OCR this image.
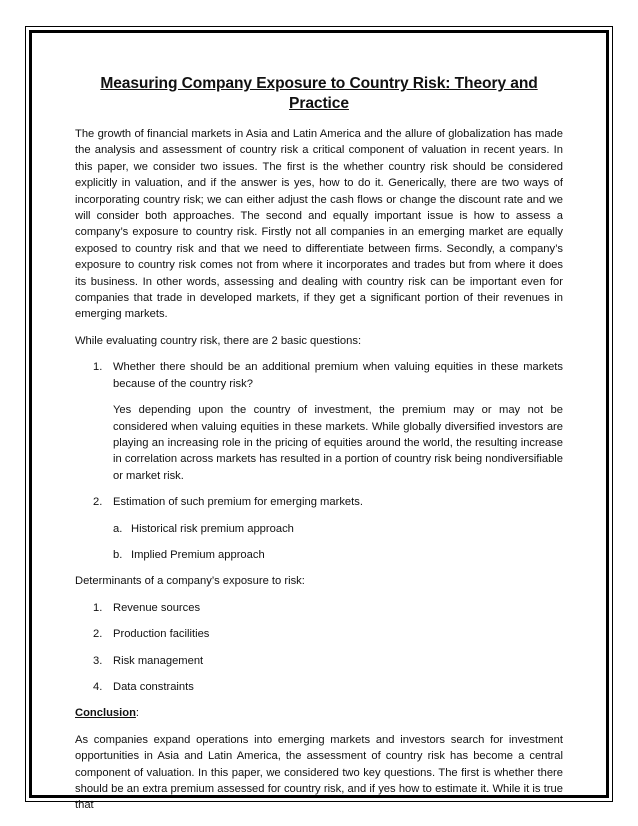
Measuring Company Exposure to Country Risk: Theory and Practice

The growth of financial markets in Asia and Latin America and the allure of globalization has made the analysis and assessment of country risk a critical component of valuation in recent years. In this paper, we consider two issues. The first is the whether country risk should be considered explicitly in valuation, and if the answer is yes, how to do it. Generically, there are two ways of incorporating country risk; we can either adjust the cash flows or change the discount rate and we will consider both approaches. The second and equally important issue is how to assess a company’s exposure to country risk. Firstly not all companies in an emerging market are equally exposed to country risk and that we need to differentiate between firms. Secondly, a company’s exposure to country risk comes not from where it incorporates and trades but from where it does its business. In other words, assessing and dealing with country risk can be important even for companies that trade in developed markets, if they get a significant portion of their revenues in emerging markets.

While evaluating country risk, there are 2 basic questions:

1. Whether there should be an additional premium when valuing equities in these markets because of the country risk?

Yes depending upon the country of investment, the premium may or may not be considered when valuing equities in these markets. While globally diversified investors are playing an increasing role in the pricing of equities around the world, the resulting increase in correlation across markets has resulted in a portion of country risk being nondiversifiable or market risk.

2. Estimation of such premium for emerging markets.

a. Historical risk premium approach

b. Implied Premium approach

Determinants of a company’s exposure to risk:

1. Revenue sources

2. Production facilities

3. Risk management

4. Data constraints

Conclusion:

As companies expand operations into emerging markets and investors search for investment opportunities in Asia and Latin America, the assessment of country risk has become a central component of valuation. In this paper, we considered two key questions. The first is whether there should be an extra premium assessed for country risk, and if yes how to estimate it. While it is true that
